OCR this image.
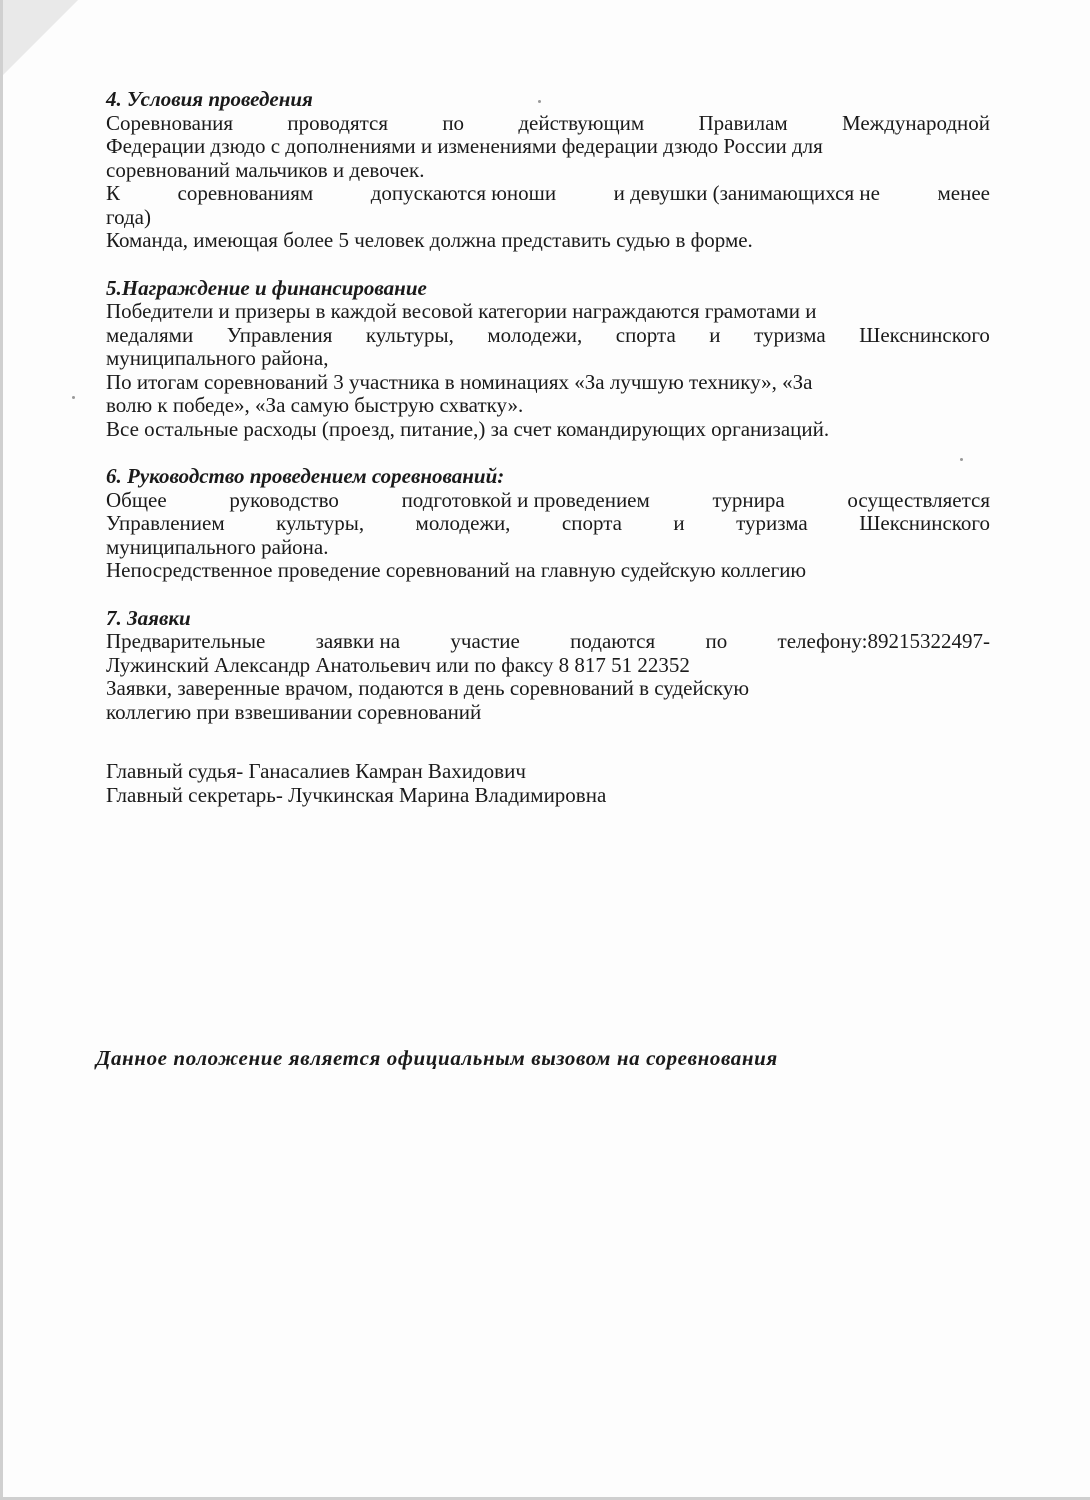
4. Условия проведения

Соревнования	проводятся	по	действующим	Правилам	Международной

Федерации дзюдо с дополнениями и изменениями федерации дзюдо России для

соревнований мальчиков и девочек.

К	соревнованиям	допускаются юноши	и девушки (занимающихся не	менее

года)

Команда, имеющая более 5 человек должна представить судью в форме.

5.Награждение и финансирование

Победители и призеры в каждой весовой категории награждаются грамотами и

медалями Управления культуры, молодежи, спорта и туризма Шекснинского

муниципального района,

По итогам соревнований 3 участника в номинациях «За лучшую технику», «За

волю к победе», «За самую быструю схватку».

Все остальные расходы (проезд, питание,) за счет командирующих организаций.

6. Руководство проведением соревнований:

Общее	руководство	подготовкой и проведением	турнира	осуществляется

Управлением культуры, молодежи, спорта и туризма Шекснинского

муниципального района.

Непосредственное проведение соревнований на главную судейскую коллегию

7. Заявки

Предварительные заявки на участие подаются по телефону:89215322497-

Лужинский Александр Анатольевич или по факсу 8 817 51 22352

Заявки, заверенные врачом, подаются в день соревнований в судейскую

коллегию при взвешивании соревнований

Главный судья- Ганасалиев Камран Вахидович

Главный секретарь- Лучкинская Марина Владимировна

Данное положение является официальным вызовом на соревнования
